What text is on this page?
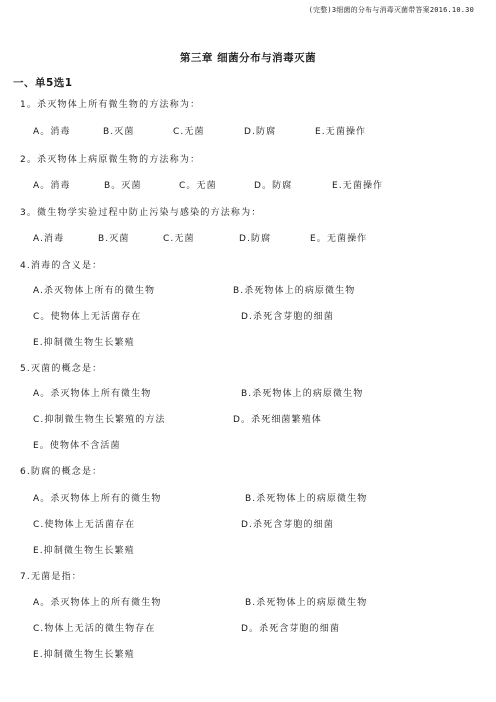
(完整)3细菌的分布与消毒灭菌带答案2016.10.30
第三章 细菌分布与消毒灭菌
一、单5选1
1。杀灭物体上所有微生物的方法称为：
A。消毒	B.灭菌	C.无菌	D.防腐	E.无菌操作
2。杀灭物体上病原微生物的方法称为：
A。消毒	B。灭菌	C。无菌	D。防腐	E.无菌操作
3。微生物学实验过程中防止污染与感染的方法称为：
A.消毒	B.灭菌	C.无菌	D.防腐	E。无菌操作
4.消毒的含义是：
A.杀灭物体上所有的微生物	B.杀死物体上的病原微生物
C。使物体上无活菌存在	D.杀死含芽胞的细菌
E.抑制微生物生长繁殖
5.灭菌的概念是：
A。杀灭物体上所有微生物	B.杀死物体上的病原微生物
C.抑制微生物生长繁殖的方法	D。杀死细菌繁殖体
E。使物体不含活菌
6.防腐的概念是：
A。杀灭物体上所有的微生物	B.杀死物体上的病原微生物
C.使物体上无活菌存在	D.杀死含芽胞的细菌
E.抑制微生物生长繁殖
7.无菌是指：
A。杀灭物体上的所有微生物	B.杀死物体上的病原微生物
C.物体上无活的微生物存在	D。杀死含芽胞的细菌
E.抑制微生物生长繁殖
